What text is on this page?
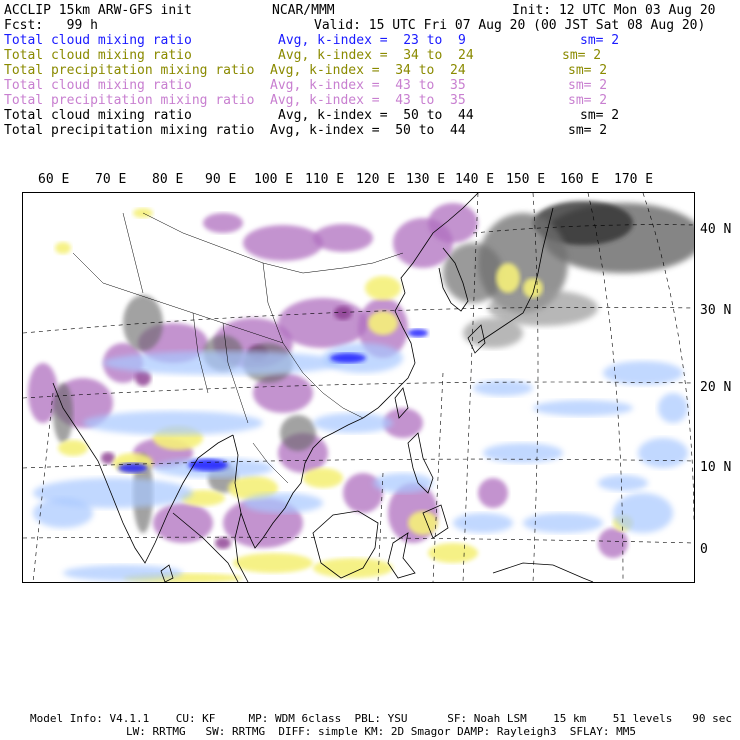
ACCLIP 15km ARW-GFS init	NCAR/MMM	Init: 12 UTC Mon 03 Aug 20
Fcst:   99 h	Valid: 15 UTC Fri 07 Aug 20 (00 JST Sat 08 Aug 20)
Total cloud mixing ratio	Avg, k-index =  23 to  9	sm= 2
Total cloud mixing ratio	Avg, k-index =  34 to  24	sm= 2
Total precipitation mixing ratio Avg, k-index =  34 to  24	sm= 2
Total cloud mixing ratio	Avg, k-index =  43 to  35	sm= 2
Total precipitation mixing ratio Avg, k-index =  43 to  35	sm= 2
Total cloud mixing ratio	Avg, k-index =  50 to  44	sm= 2
Total precipitation mixing ratio Avg, k-index =  50 to  44	sm= 2
60 E 70 E 80 E 90 E 100 E 110 E 120 E 130 E 140 E 150 E 160 E 170 E
40 N
30 N
20 N
10 N
0
Model Info: V4.1.1    CU: KF     MP: WDM 6class  PBL: YSU      SF: Noah LSM    15 km    51 levels   90 sec
LW: RRTMG   SW: RRTMG  DIFF: simple KM: 2D Smagor DAMP: Rayleigh3  SFLAY: MM5
